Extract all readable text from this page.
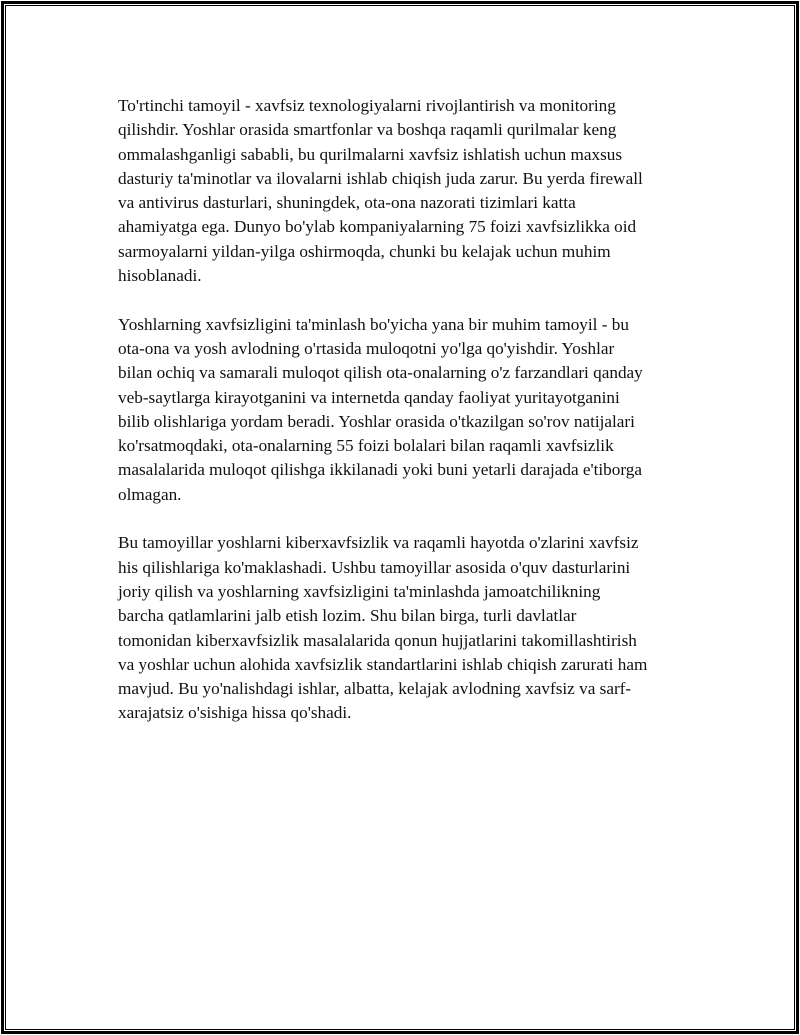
To'rtinchi tamoyil - xavfsiz texnologiyalarni rivojlantirish va monitoring
qilishdir. Yoshlar orasida smartfonlar va boshqa raqamli qurilmalar keng
ommalashganligi sababli, bu qurilmalarni xavfsiz ishlatish uchun maxsus
dasturiy ta'minotlar va ilovalarni ishlab chiqish juda zarur. Bu yerda firewall
va antivirus dasturlari, shuningdek, ota-ona nazorati tizimlari katta
ahamiyatga ega. Dunyo bo'ylab kompaniyalarning 75 foizi xavfsizlikka oid
sarmoyalarni yildan-yilga oshirmoqda, chunki bu kelajak uchun muhim
hisoblanadi.

Yoshlarning xavfsizligini ta'minlash bo'yicha yana bir muhim tamoyil - bu
ota-ona va yosh avlodning o'rtasida muloqotni yo'lga qo'yishdir. Yoshlar
bilan ochiq va samarali muloqot qilish ota-onalarning o'z farzandlari qanday
veb-saytlarga kirayotganini va internetda qanday faoliyat yuritayotganini
bilib olishlariga yordam beradi. Yoshlar orasida o'tkazilgan so'rov natijalari
ko'rsatmoqdaki, ota-onalarning 55 foizi bolalari bilan raqamli xavfsizlik
masalalarida muloqot qilishga ikkilanadi yoki buni yetarli darajada e'tiborga
olmagan.

Bu tamoyillar yoshlarni kiberxavfsizlik va raqamli hayotda o'zlarini xavfsiz
his qilishlariga ko'maklashadi. Ushbu tamoyillar asosida o'quv dasturlarini
joriy qilish va yoshlarning xavfsizligini ta'minlashda jamoatchilikning
barcha qatlamlarini jalb etish lozim. Shu bilan birga, turli davlatlar
tomonidan kiberxavfsizlik masalalarida qonun hujjatlarini takomillashtirish
va yoshlar uchun alohida xavfsizlik standartlarini ishlab chiqish zarurati ham
mavjud. Bu yo'nalishdagi ishlar, albatta, kelajak avlodning xavfsiz va sarf-
xarajatsiz o'sishiga hissa qo'shadi.
